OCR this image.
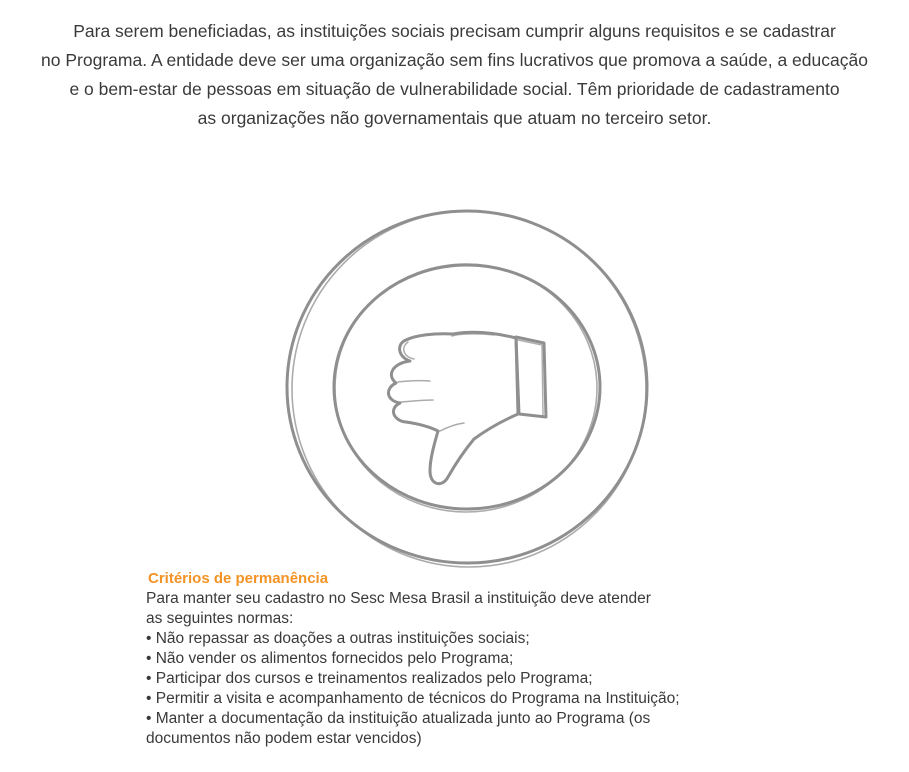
Para serem beneficiadas, as instituições sociais precisam cumprir alguns requisitos e se cadastrar
no Programa. A entidade deve ser uma organização sem fins lucrativos que promova a saúde, a educação
e o bem-estar de pessoas em situação de vulnerabilidade social. Têm prioridade de cadastramento
as organizações não governamentais que atuam no terceiro setor.

Critérios de permanência

Para manter seu cadastro no Sesc Mesa Brasil a instituição deve atender
as seguintes normas:
• Não repassar as doações a outras instituições sociais;
• Não vender os alimentos fornecidos pelo Programa;
• Participar dos cursos e treinamentos realizados pelo Programa;
• Permitir a visita e acompanhamento de técnicos do Programa na Instituição;
• Manter a documentação da instituição atualizada junto ao Programa (os
documentos não podem estar vencidos)
